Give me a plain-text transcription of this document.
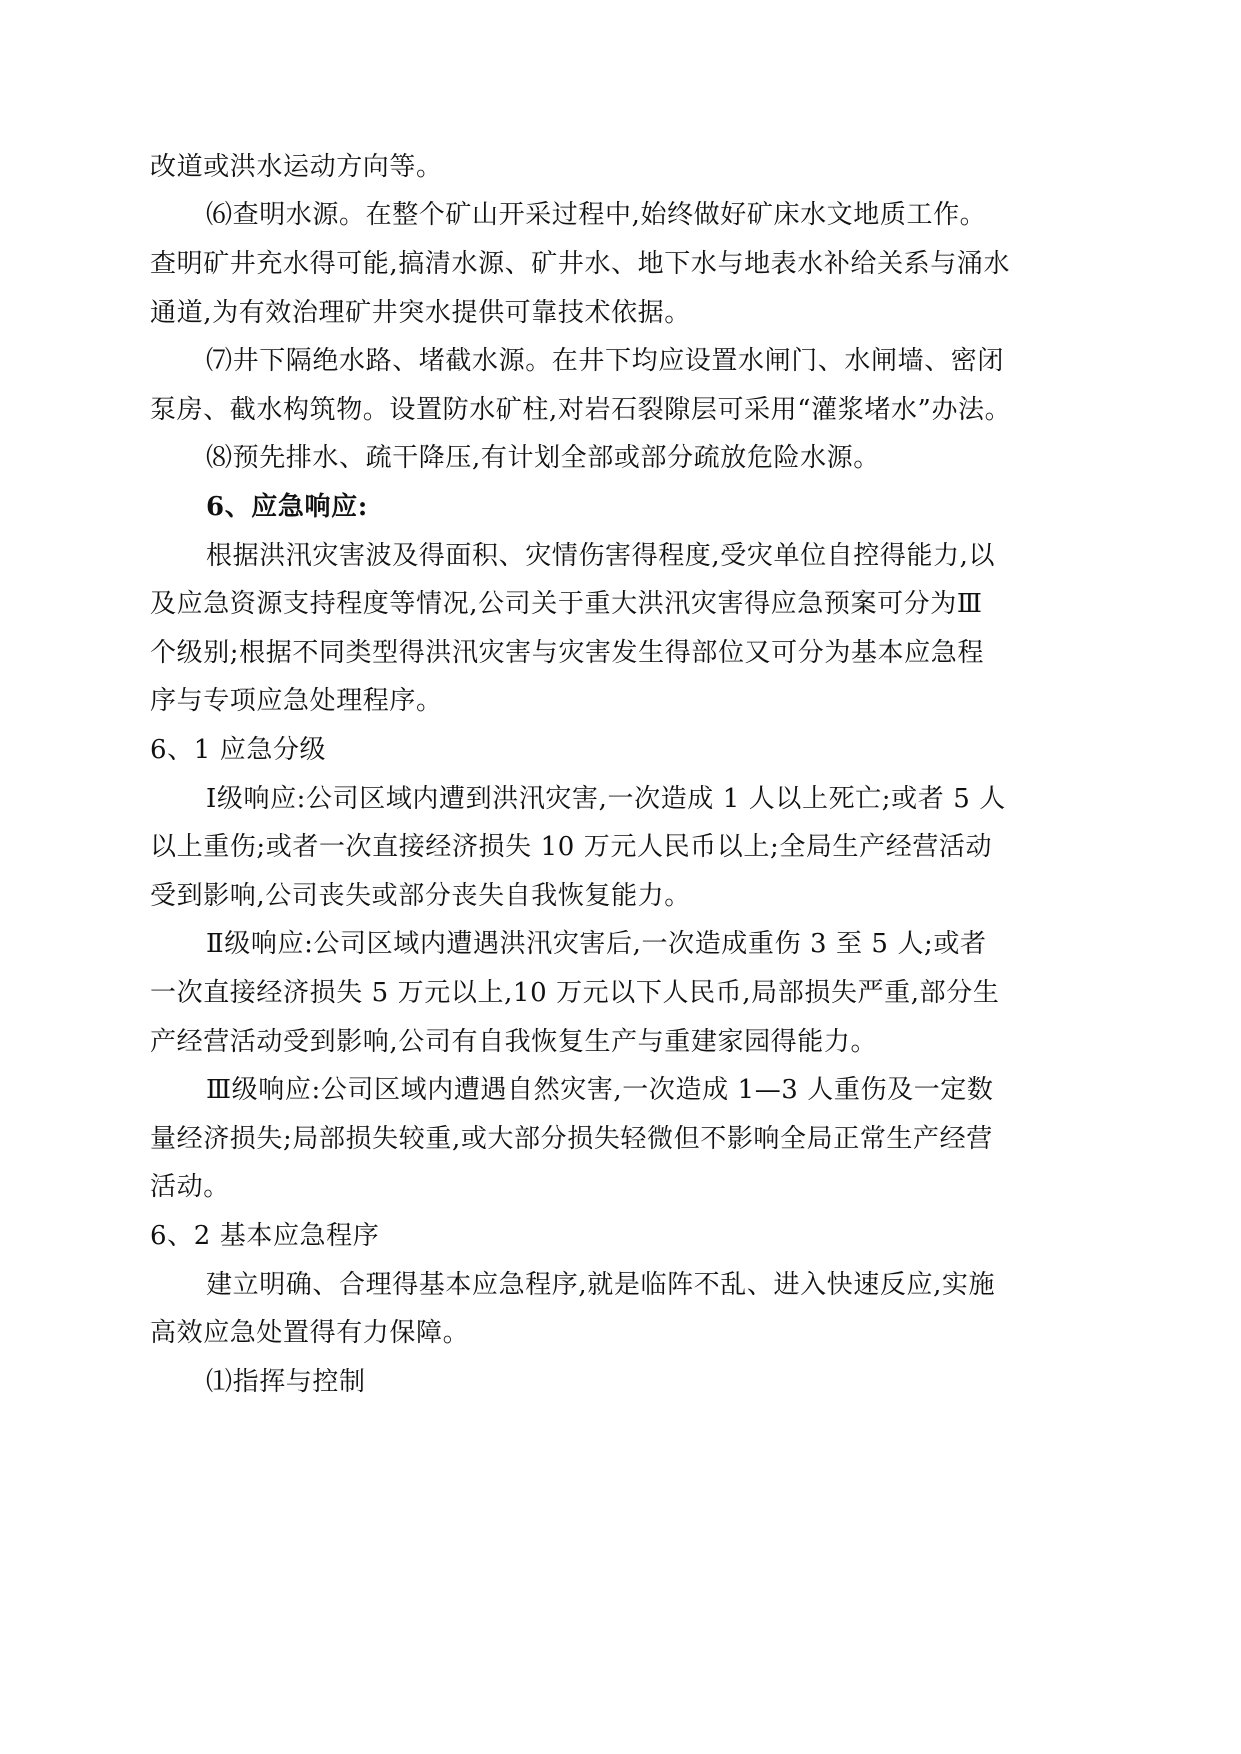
改道或洪水运动方向等。

⑹查明水源。在整个矿山开采过程中,始终做好矿床水文地质工作。

查明矿井充水得可能,搞清水源、矿井水、地下水与地表水补给关系与涌水

通道,为有效治理矿井突水提供可靠技术依据。

⑺井下隔绝水路、堵截水源。在井下均应设置水闸门、水闸墙、密闭

泵房、截水构筑物。设置防水矿柱,对岩石裂隙层可采用“灌浆堵水”办法。

⑻预先排水、疏干降压,有计划全部或部分疏放危险水源。

6、应急响应:

根据洪汛灾害波及得面积、灾情伤害得程度,受灾单位自控得能力,以

及应急资源支持程度等情况,公司关于重大洪汛灾害得应急预案可分为Ⅲ

个级别;根据不同类型得洪汛灾害与灾害发生得部位又可分为基本应急程

序与专项应急处理程序。

6、1 应急分级

Ⅰ级响应:公司区域内遭到洪汛灾害,一次造成 1 人以上死亡;或者 5 人

以上重伤;或者一次直接经济损失 10 万元人民币以上;全局生产经营活动

受到影响,公司丧失或部分丧失自我恢复能力。

Ⅱ级响应:公司区域内遭遇洪汛灾害后,一次造成重伤 3 至 5 人;或者

一次直接经济损失 5 万元以上,10 万元以下人民币,局部损失严重,部分生

产经营活动受到影响,公司有自我恢复生产与重建家园得能力。

Ⅲ级响应:公司区域内遭遇自然灾害,一次造成 1—3 人重伤及一定数

量经济损失;局部损失较重,或大部分损失轻微但不影响全局正常生产经营

活动。

6、2 基本应急程序

建立明确、合理得基本应急程序,就是临阵不乱、进入快速反应,实施

高效应急处置得有力保障。

⑴指挥与控制
